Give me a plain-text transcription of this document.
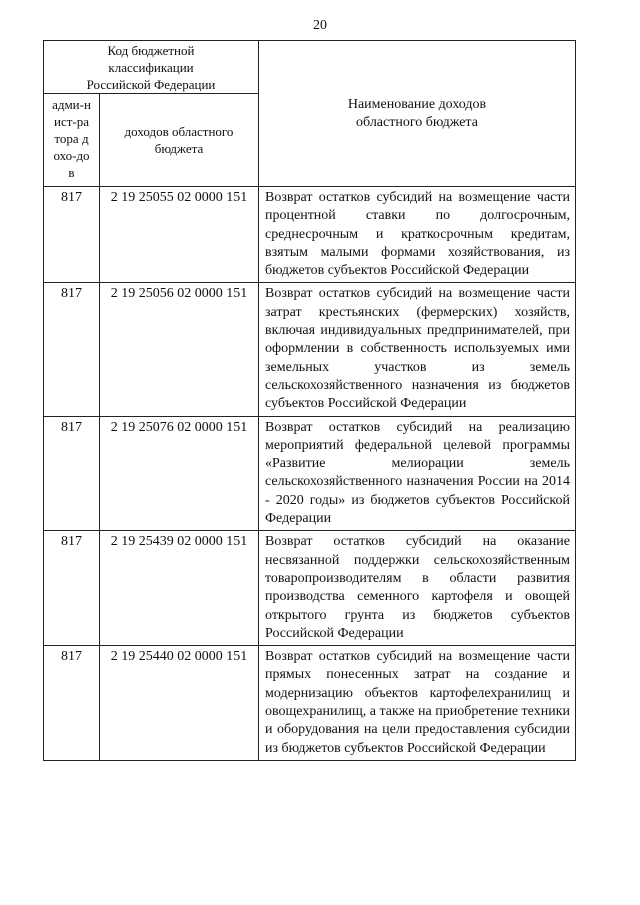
20
Код бюджетной классификации Российской Федерации		Наименование доходов областного бюджета
адми-нист-ратора дохо-дов	доходов областного бюджета	
817	2 19 25055 02 0000 151	Возврат остатков субсидий на возмещение части процентной ставки по долгосрочным, среднесрочным и краткосрочным кредитам, взятым малыми формами хозяйствования, из бюджетов субъектов Российской Федерации
817	2 19 25056 02 0000 151	Возврат остатков субсидий на возмещение части затрат крестьянских (фермерских) хозяйств, включая индивидуальных предпринимателей, при оформлении в собственность используемых ими земельных участков из земель сельскохозяйственного назначения из бюджетов субъектов Российской Федерации
817	2 19 25076 02 0000 151	Возврат остатков субсидий на реализацию мероприятий федеральной целевой программы «Развитие мелиорации земель сельскохозяйственного назначения России на 2014 - 2020 годы» из бюджетов субъектов Российской Федерации
817	2 19 25439 02 0000 151	Возврат остатков субсидий на оказание несвязанной поддержки сельскохозяйственным товаропроизводителям в области развития производства семенного картофеля и овощей открытого грунта из бюджетов субъектов Российской Федерации
817	2 19 25440 02 0000 151	Возврат остатков субсидий на возмещение части прямых понесенных затрат на создание и модернизацию объектов картофелехранилищ и овощехранилищ, а также на приобретение техники и оборудования на цели предоставления субсидии из бюджетов субъектов Российской Федерации
